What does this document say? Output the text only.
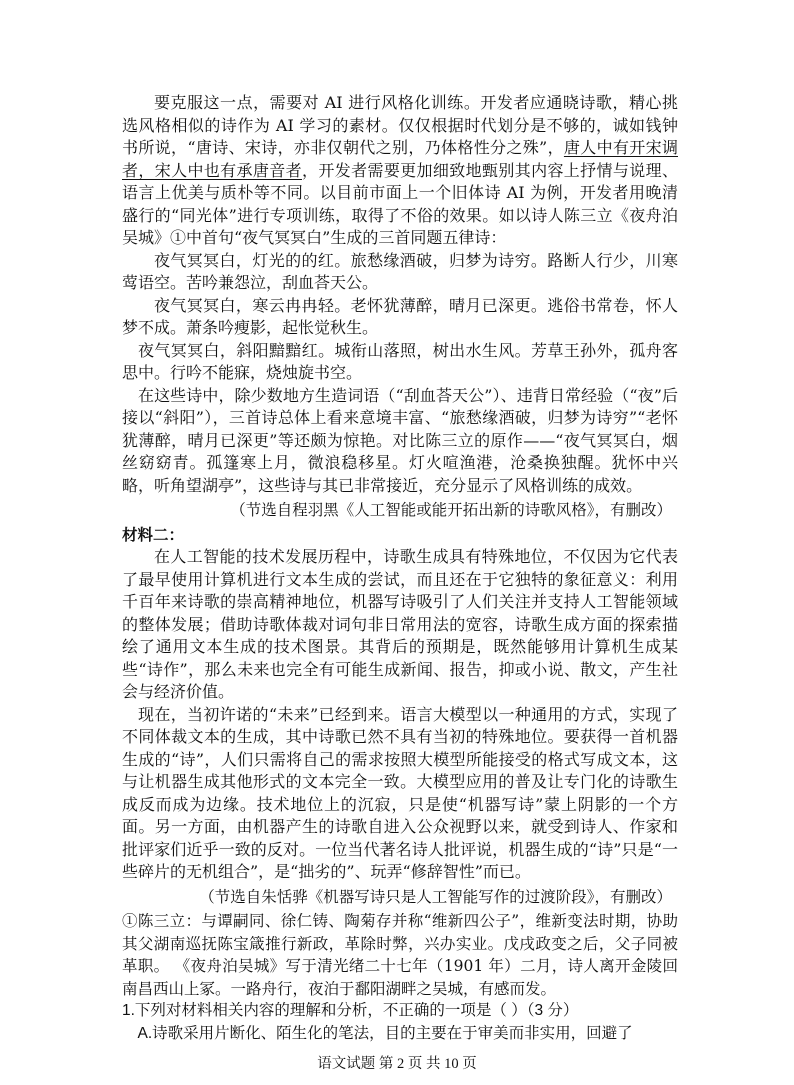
要克服这一点，需要对 AI 进行风格化训练。开发者应通晓诗歌，精心挑选风格相似的诗作为 AI 学习的素材。仅仅根据时代划分是不够的，诚如钱钟书所说，“唐诗、宋诗，亦非仅朝代之别，乃体格性分之殊”，唐人中有开宋调者，宋人中也有承唐音者，开发者需要更加细致地甄别其内容上抒情与说理、语言上优美与质朴等不同。以目前市面上一个旧体诗 AI 为例，开发者用晚清盛行的“同光体”进行专项训练，取得了不俗的效果。如以诗人陈三立《夜舟泊吴城》①中首句“夜气冥冥白”生成的三首同题五律诗：

夜气冥冥白，灯光的的红。旅愁缘酒破，归梦为诗穷。路断人行少，川寒莺语空。苦吟兼怨泣，刮血荅天公。

夜气冥冥白，寒云冉冉轻。老怀犹薄醉，晴月已深更。逃俗书常卷，怀人梦不成。萧条吟瘦影，起怅觉秋生。

夜气冥冥白，斜阳黯黯红。城衔山落照，树出水生风。芳草王孙外，孤舟客思中。行吟不能寐，烧烛旋书空。

在这些诗中，除少数地方生造词语（“刮血荅天公”）、违背日常经验（“夜”后接以“斜阳”），三首诗总体上看来意境丰富、“旅愁缘酒破，归梦为诗穷”“老怀犹薄醉，晴月已深更”等还颇为惊艳。对比陈三立的原作——“夜气冥冥白，烟丝窈窈青。孤篷寒上月，微浪稳移星。灯火喧渔港，沧桑换独醒。犹怀中兴略，听角望湖亭”，这些诗与其已非常接近，充分显示了风格训练的成效。

（节选自程羽黑《人工智能或能开拓出新的诗歌风格》，有删改）

材料二：

在人工智能的技术发展历程中，诗歌生成具有特殊地位，不仅因为它代表了最早使用计算机进行文本生成的尝试，而且还在于它独特的象征意义：利用千百年来诗歌的崇高精神地位，机器写诗吸引了人们关注并支持人工智能领域的整体发展；借助诗歌体裁对词句非日常用法的宽容，诗歌生成方面的探索描绘了通用文本生成的技术图景。其背后的预期是，既然能够用计算机生成某些“诗作”，那么未来也完全有可能生成新闻、报告，抑或小说、散文，产生社会与经济价值。

现在，当初许诺的“未来”已经到来。语言大模型以一种通用的方式，实现了不同体裁文本的生成，其中诗歌已然不具有当初的特殊地位。要获得一首机器生成的“诗”，人们只需将自己的需求按照大模型所能接受的格式写成文本，这与让机器生成其他形式的文本完全一致。大模型应用的普及让专门化的诗歌生成反而成为边缘。技术地位上的沉寂，只是使“机器写诗”蒙上阴影的一个方面。另一方面，由机器产生的诗歌自进入公众视野以来，就受到诗人、作家和批评家们近乎一致的反对。一位当代著名诗人批评说，机器生成的“诗”只是“一些碎片的无机组合”，是“拙劣的”、玩弄“修辞智性”而已。

（节选自朱恬骅《机器写诗只是人工智能写作的过渡阶段》，有删改）

①陈三立：与谭嗣同、徐仁铸、陶菊存并称“维新四公子”，维新变法时期，协助其父湖南巡抚陈宝箴推行新政，革除时弊，兴办实业。戊戌政变之后，父子同被革职。 《夜舟泊吴城》写于清光绪二十七年（1901 年）二月，诗人离开金陵回南昌西山上冢。一路舟行，夜泊于鄱阳湖畔之吴城，有感而发。

1.下列对材料相关内容的理解和分析，不正确的一项是（ ）（3 分）

A.诗歌采用片断化、陌生化的笔法，目的主要在于审美而非实用，回避了

语文试题 第 2 页 共 10 页
